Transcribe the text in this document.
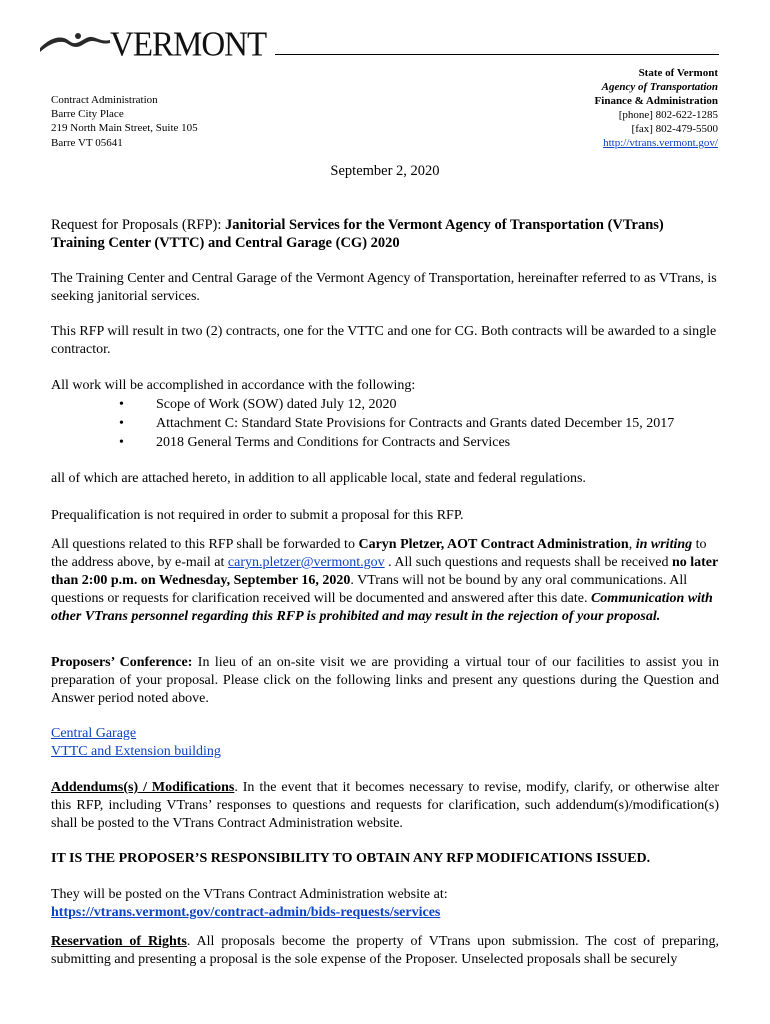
VERMONT
State of Vermont
Agency of Transportation
Finance & Administration
[phone] 802-622-1285
[fax] 802-479-5500
http://vtrans.vermont.gov/
Contract Administration
Barre City Place
219 North Main Street, Suite 105
Barre VT 05641
September 2, 2020
Request for Proposals (RFP): Janitorial Services for the Vermont Agency of Transportation (VTrans)
Training Center (VTTC) and Central Garage (CG) 2020
The Training Center and Central Garage of the Vermont Agency of Transportation, hereinafter referred to as VTrans, is seeking janitorial services.
This RFP will result in two (2) contracts, one for the VTTC and one for CG. Both contracts will be awarded to a single contractor.
All work will be accomplished in accordance with the following:
• Scope of Work (SOW) dated July 12, 2020
• Attachment C: Standard State Provisions for Contracts and Grants dated December 15, 2017
• 2018 General Terms and Conditions for Contracts and Services
all of which are attached hereto, in addition to all applicable local, state and federal regulations.
Prequalification is not required in order to submit a proposal for this RFP.
All questions related to this RFP shall be forwarded to Caryn Pletzer, AOT Contract Administration, in writing to the address above, by e-mail at caryn.pletzer@vermont.gov . All such questions and requests shall be received no later than 2:00 p.m. on Wednesday, September 16, 2020. VTrans will not be bound by any oral communications. All questions or requests for clarification received will be documented and answered after this date. Communication with other VTrans personnel regarding this RFP is prohibited and may result in the rejection of your proposal.
Proposers’ Conference: In lieu of an on-site visit we are providing a virtual tour of our facilities to assist you in preparation of your proposal. Please click on the following links and present any questions during the Question and Answer period noted above.
Central Garage
VTTC and Extension building
Addendums(s) / Modifications. In the event that it becomes necessary to revise, modify, clarify, or otherwise alter this RFP, including VTrans’ responses to questions and requests for clarification, such addendum(s)/modification(s) shall be posted to the VTrans Contract Administration website.
IT IS THE PROPOSER’S RESPONSIBILITY TO OBTAIN ANY RFP MODIFICATIONS ISSUED.
They will be posted on the VTrans Contract Administration website at:
https://vtrans.vermont.gov/contract-admin/bids-requests/services
Reservation of Rights. All proposals become the property of VTrans upon submission. The cost of preparing, submitting and presenting a proposal is the sole expense of the Proposer. Unselected proposals shall be securely
